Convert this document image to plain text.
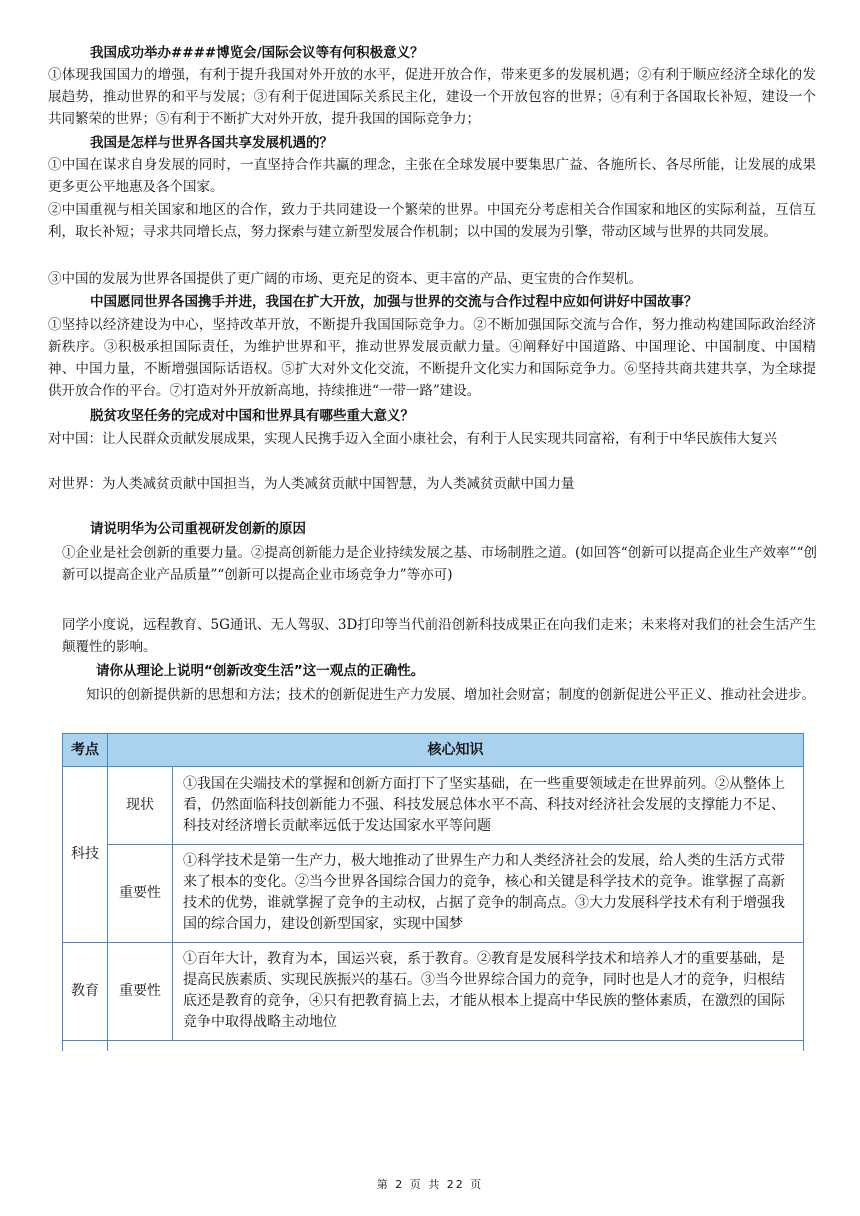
我国成功举办####博览会/国际会议等有何积极意义？

①体现我国国力的增强，有利于提升我国对外开放的水平，促进开放合作，带来更多的发展机遇；②有利于顺应经济全球化的发展趋势，推动世界的和平与发展；③有利于促进国际关系民主化，建设一个开放包容的世界；④有利于各国取长补短，建设一个共同繁荣的世界；⑤有利于不断扩大对外开放，提升我国的国际竞争力；

我国是怎样与世界各国共享发展机遇的？

①中国在谋求自身发展的同时，一直坚持合作共赢的理念，主张在全球发展中要集思广益、各施所长、各尽所能，让发展的成果更多更公平地惠及各个国家。

②中国重视与相关国家和地区的合作，致力于共同建设一个繁荣的世界。中国充分考虑相关合作国家和地区的实际利益，互信互利，取长补短；寻求共同增长点，努力探索与建立新型发展合作机制；以中国的发展为引擎，带动区域与世界的共同发展。

③中国的发展为世界各国提供了更广阔的市场、更充足的资本、更丰富的产品、更宝贵的合作契机。

中国愿同世界各国携手并进，我国在扩大开放，加强与世界的交流与合作过程中应如何讲好中国故事？

①坚持以经济建设为中心，坚持改革开放，不断提升我国国际竞争力。②不断加强国际交流与合作，努力推动构建国际政治经济新秩序。③积极承担国际责任，为维护世界和平，推动世界发展贡献力量。④阐释好中国道路、中国理论、中国制度、中国精神、中国力量，不断增强国际话语权。⑤扩大对外文化交流，不断提升文化实力和国际竞争力。⑥坚持共商共建共享，为全球提供开放合作的平台。⑦打造对外开放新高地，持续推进“一带一路”建设。

脱贫攻坚任务的完成对中国和世界具有哪些重大意义？

对中国：让人民群众贡献发展成果，实现人民携手迈入全面小康社会，有利于人民实现共同富裕，有利于中华民族伟大复兴

对世界：为人类减贫贡献中国担当，为人类减贫贡献中国智慧，为人类减贫贡献中国力量

请说明华为公司重视研发创新的原因

①企业是社会创新的重要力量。②提高创新能力是企业持续发展之基、市场制胜之道。(如回答“创新可以提高企业生产效率”“创新可以提高企业产品质量”“创新可以提高企业市场竞争力”等亦可)

同学小度说，远程教育、5G通讯、无人驾驭、3D打印等当代前沿创新科技成果正在向我们走来；未来将对我们的社会生活产生颠覆性的影响。

请你从理论上说明“创新改变生活”这一观点的正确性。

知识的创新提供新的思想和方法；技术的创新促进生产力发展、增加社会财富；制度的创新促进公平正义、推动社会进步。

考点	核心知识	
科技	现状	①我国在尖端技术的掌握和创新方面打下了坚实基础，在一些重要领域走在世界前列。②从整体上看，仍然面临科技创新能力不强、科技发展总体水平不高、科技对经济社会发展的支撑能力不足、科技对经济增长贡献率远低于发达国家水平等问题
	重要性	①科学技术是第一生产力，极大地推动了世界生产力和人类经济社会的发展，给人类的生活方式带来了根本的变化。②当今世界各国综合国力的竞争，核心和关键是科学技术的竞争。谁掌握了高新技术的优势，谁就掌握了竞争的主动权，占据了竞争的制高点。③大力发展科学技术有利于增强我国的综合国力，建设创新型国家，实现中国梦
教育	重要性	①百年大计，教育为本，国运兴衰，系于教育。②教育是发展科学技术和培养人才的重要基础，是提高民族素质、实现民族振兴的基石。③当今世界综合国力的竞争，同时也是人才的竞争，归根结底还是教育的竞争，④只有把教育搞上去，才能从根本上提高中华民族的整体素质，在激烈的国际竞争中取得战略主动地位

第 2 页 共 22 页
